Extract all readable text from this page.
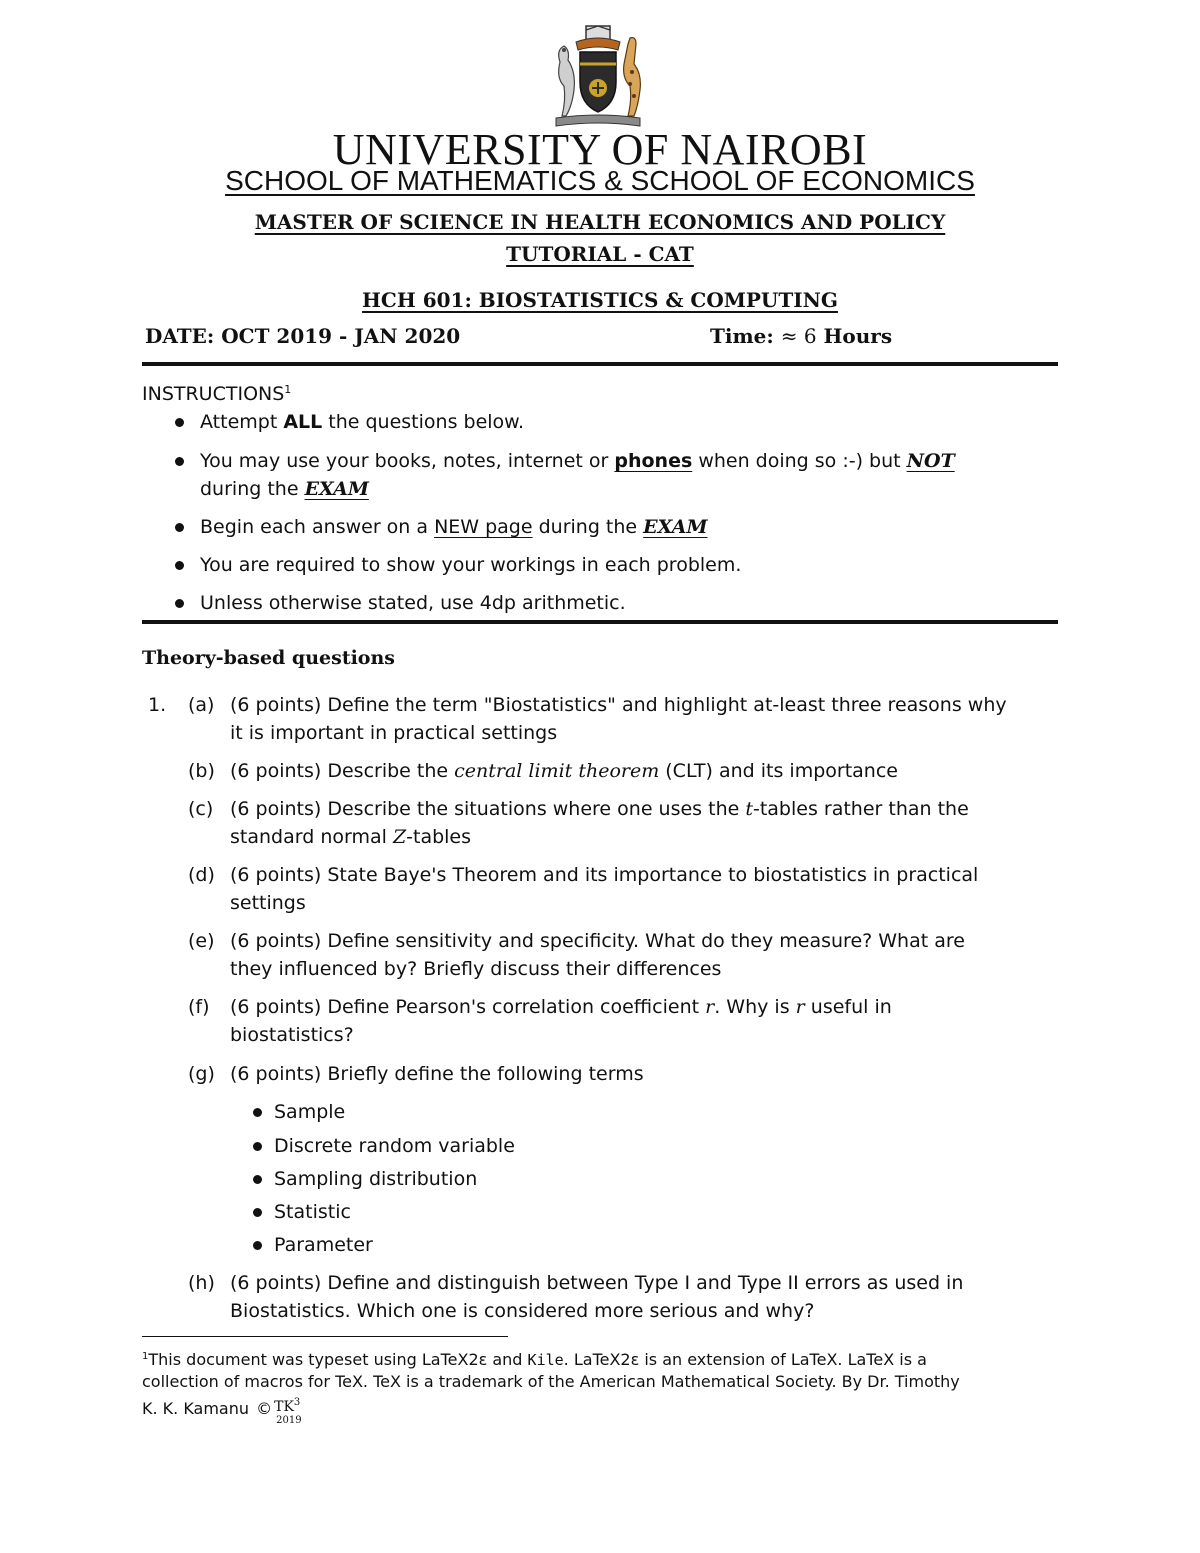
UNIVERSITY OF NAIROBI
SCHOOL OF MATHEMATICS & SCHOOL OF ECONOMICS
MASTER OF SCIENCE IN HEALTH ECONOMICS AND POLICY
TUTORIAL - CAT
HCH 601: BIOSTATISTICS & COMPUTING
DATE: OCT 2019 - JAN 2020	Time: ≈ 6 Hours
INSTRUCTIONS$^1$
Attempt ALL the questions below.
You may use your books, notes, internet or phones when doing so :-) but NOT
during the EXAM
Begin each answer on a NEW page during the EXAM
You are required to show your workings in each problem.
Unless otherwise stated, use 4dp arithmetic.
Theory-based questions
1. (a) (6 points) Define the term "Biostatistics" and highlight at-least three reasons why
it is important in practical settings
(b) (6 points) Describe the central limit theorem (CLT) and its importance
(c) (6 points) Describe the situations where one uses the t-tables rather than the
standard normal Z-tables
(d) (6 points) State Baye's Theorem and its importance to biostatistics in practical
settings
(e) (6 points) Define sensitivity and specificity. What do they measure? What are
they influenced by? Briefly discuss their differences
(f) (6 points) Define Pearson's correlation coefficient r. Why is r useful in
biostatistics?
(g) (6 points) Briefly define the following terms
Sample
Discrete random variable
Sampling distribution
Statistic
Parameter
(h) (6 points) Define and distinguish between Type I and Type II errors as used in
Biostatistics. Which one is considered more serious and why?
$^1$This document was typeset using LaTeX2ε and Kile. LaTeX2ε is an extension of LaTeX. LaTeX is a
collection of macros for TeX. TeX is a trademark of the American Mathematical Society. By Dr. Timothy
K. K. Kamanu © $TK^3$
2019
